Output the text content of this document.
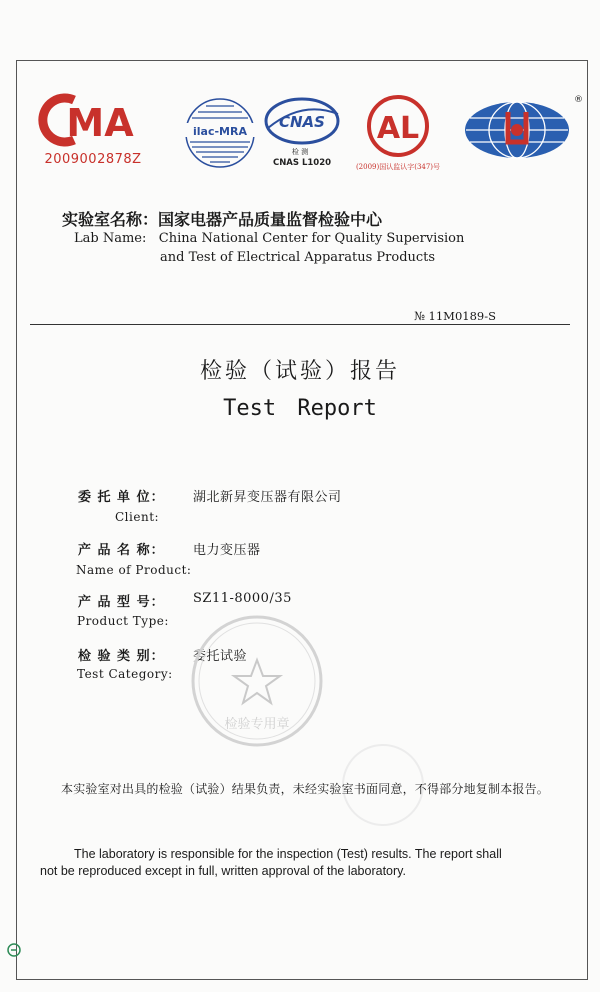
MA
2009002878Z
ilac-MRA
CNAS
检 测
CNAS L1020
AL
(2009)国认监认字(347)号
®
实验室名称：国家电器产品质量监督检验中心
Lab Name: China National Center for Quality Supervision
and Test of Electrical Apparatus Products
№ 11M0189-S
检验（试验）报告
Test Report
委 托 单 位： 湖北新昇变压器有限公司
Client:
产 品 名 称： 电力变压器
Name of Product:
产 品 型 号： SZ11-8000/35
Product Type:
检 验 类 别： 委托试验
Test Category:
检验专用章
本实验室对出具的检验（试验）结果负责，未经实验室书面同意，不得部分地复制本报告。
The laboratory is responsible for the inspection (Test) results. The report shall
not be reproduced except in full, written approval of the laboratory.
